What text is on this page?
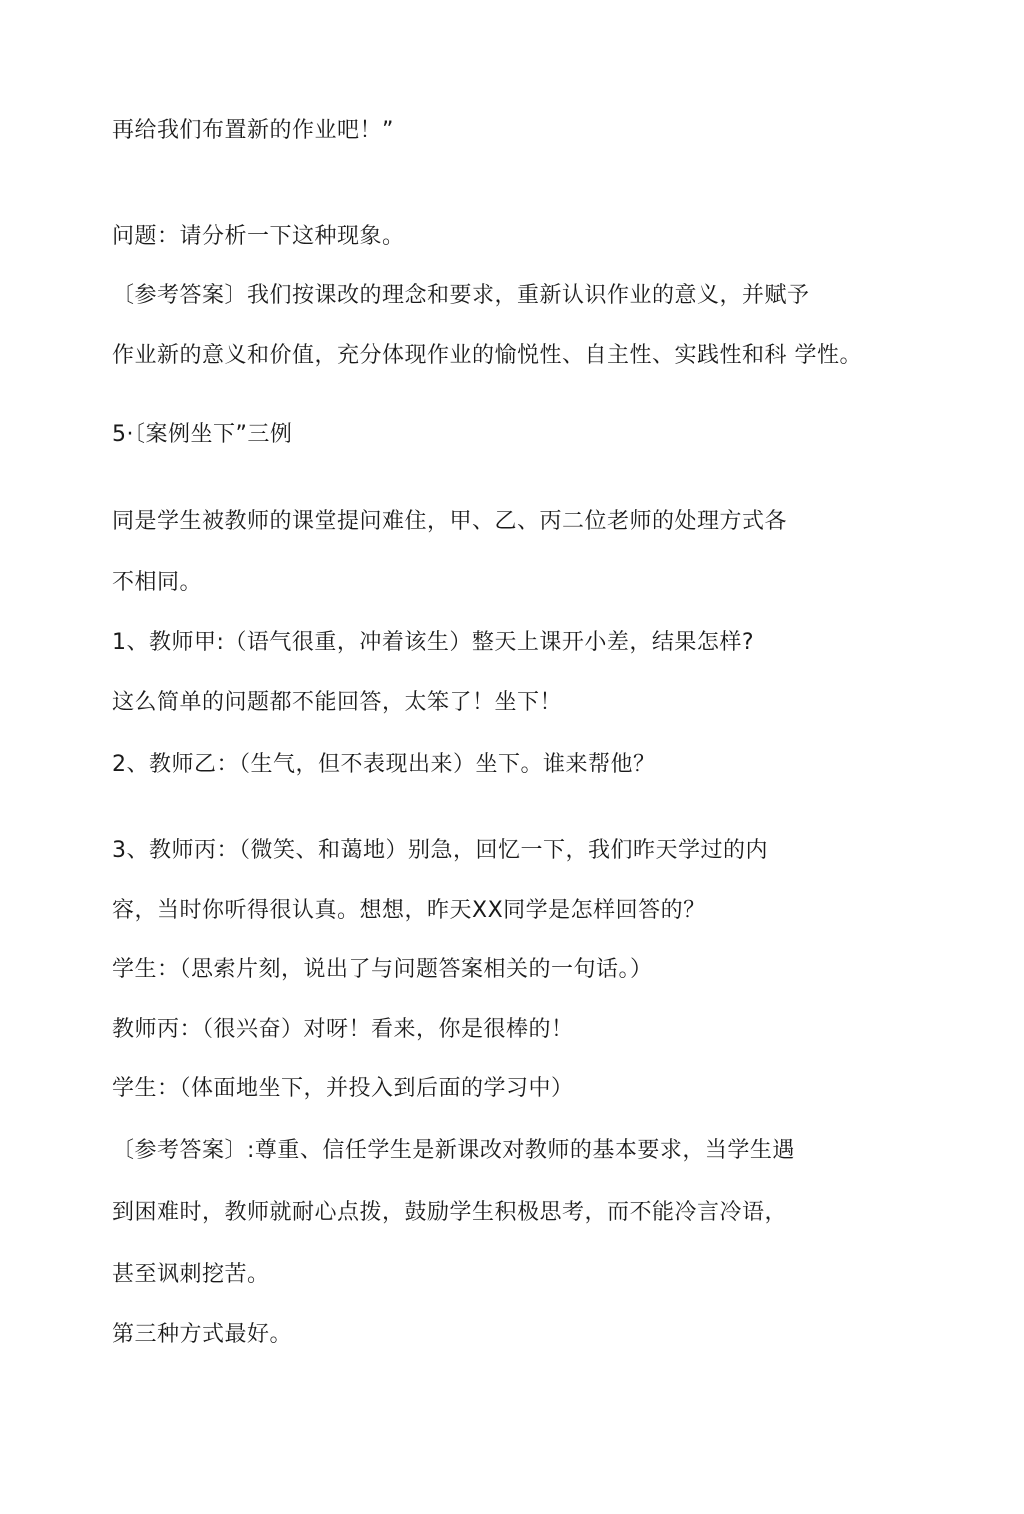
再给我们布置新的作业吧！”
问题：请分析一下这种现象。
〔参考答案〕我们按课改的理念和要求，重新认识作业的意义，并赋予
作业新的意义和价值，充分体现作业的愉悦性、自主性、实践性和科 学性。
5·〔案例坐下”三例
同是学生被教师的课堂提问难住，甲、乙、丙二位老师的处理方式各
不相同。
1、教师甲:（语气很重，冲着该生）整天上课开小差，结果怎样?
这么简单的问题都不能回答，太笨了！坐下！
2、教师乙：（生气，但不表现出来）坐下。谁来帮他？
3、教师丙：（微笑、和蔼地）别急，回忆一下，我们昨天学过的内
容，当时你听得很认真。想想，昨天XX同学是怎样回答的？
学生：（思索片刻，说出了与问题答案相关的一句话。）
教师丙：（很兴奋）对呀！看来，你是很棒的！
学生：（体面地坐下，并投入到后面的学习中）
〔参考答案〕:尊重、信任学生是新课改对教师的基本要求，当学生遇
到困难时，教师就耐心点拨，鼓励学生积极思考，而不能冷言冷语，
甚至讽刺挖苦。
第三种方式最好。
